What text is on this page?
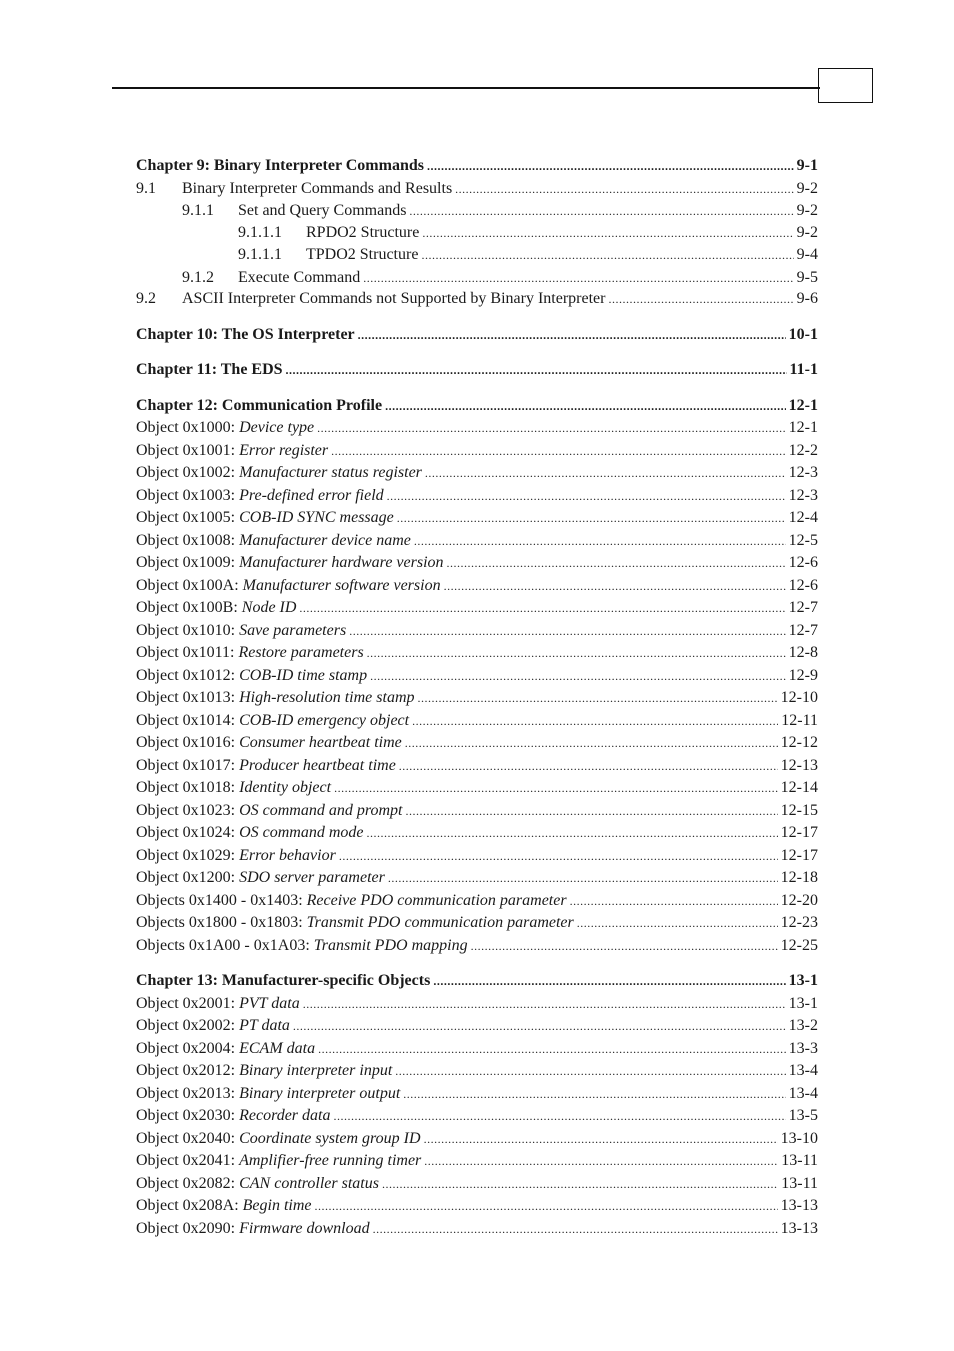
Chapter 9: Binary Interpreter Commands .....	9-1
9.1	Binary Interpreter Commands and Results .....	9-2
9.1.1	Set and Query Commands .....	9-2
9.1.1.1	RPDO2 Structure .....	9-2
9.1.1.1	TPDO2 Structure .....	9-4
9.1.2	Execute Command .....	9-5
9.2	ASCII Interpreter Commands not Supported by Binary Interpreter .....	9-6
Chapter 10: The OS Interpreter .....	10-1
Chapter 11: The EDS .....	11-1
Chapter 12: Communication Profile .....	12-1
Object 0x1000: Device type .....	12-1
Object 0x1001: Error register .....	12-2
Object 0x1002: Manufacturer status register .....	12-3
Object 0x1003: Pre-defined error field .....	12-3
Object 0x1005: COB-ID SYNC message .....	12-4
Object 0x1008: Manufacturer device name .....	12-5
Object 0x1009: Manufacturer hardware version .....	12-6
Object 0x100A: Manufacturer software version .....	12-6
Object 0x100B: Node ID .....	12-7
Object 0x1010: Save parameters .....	12-7
Object 0x1011: Restore parameters .....	12-8
Object 0x1012: COB-ID time stamp .....	12-9
Object 0x1013: High-resolution time stamp .....	12-10
Object 0x1014: COB-ID emergency object .....	12-11
Object 0x1016: Consumer heartbeat time .....	12-12
Object 0x1017: Producer heartbeat time .....	12-13
Object 0x1018: Identity object .....	12-14
Object 0x1023: OS command and prompt .....	12-15
Object 0x1024: OS command mode .....	12-17
Object 0x1029: Error behavior .....	12-17
Object 0x1200: SDO server parameter .....	12-18
Objects 0x1400 - 0x1403: Receive PDO communication parameter .....	12-20
Objects 0x1800 - 0x1803: Transmit PDO communication parameter .....	12-23
Objects 0x1A00 - 0x1A03: Transmit PDO mapping .....	12-25
Chapter 13: Manufacturer-specific Objects .....	13-1
Object 0x2001: PVT data .....	13-1
Object 0x2002: PT data .....	13-2
Object 0x2004: ECAM data .....	13-3
Object 0x2012: Binary interpreter input .....	13-4
Object 0x2013: Binary interpreter output .....	13-4
Object 0x2030: Recorder data .....	13-5
Object 0x2040: Coordinate system group ID .....	13-10
Object 0x2041: Amplifier-free running timer .....	13-11
Object 0x2082: CAN controller status .....	13-11
Object 0x208A: Begin time .....	13-13
Object 0x2090: Firmware download .....	13-13
